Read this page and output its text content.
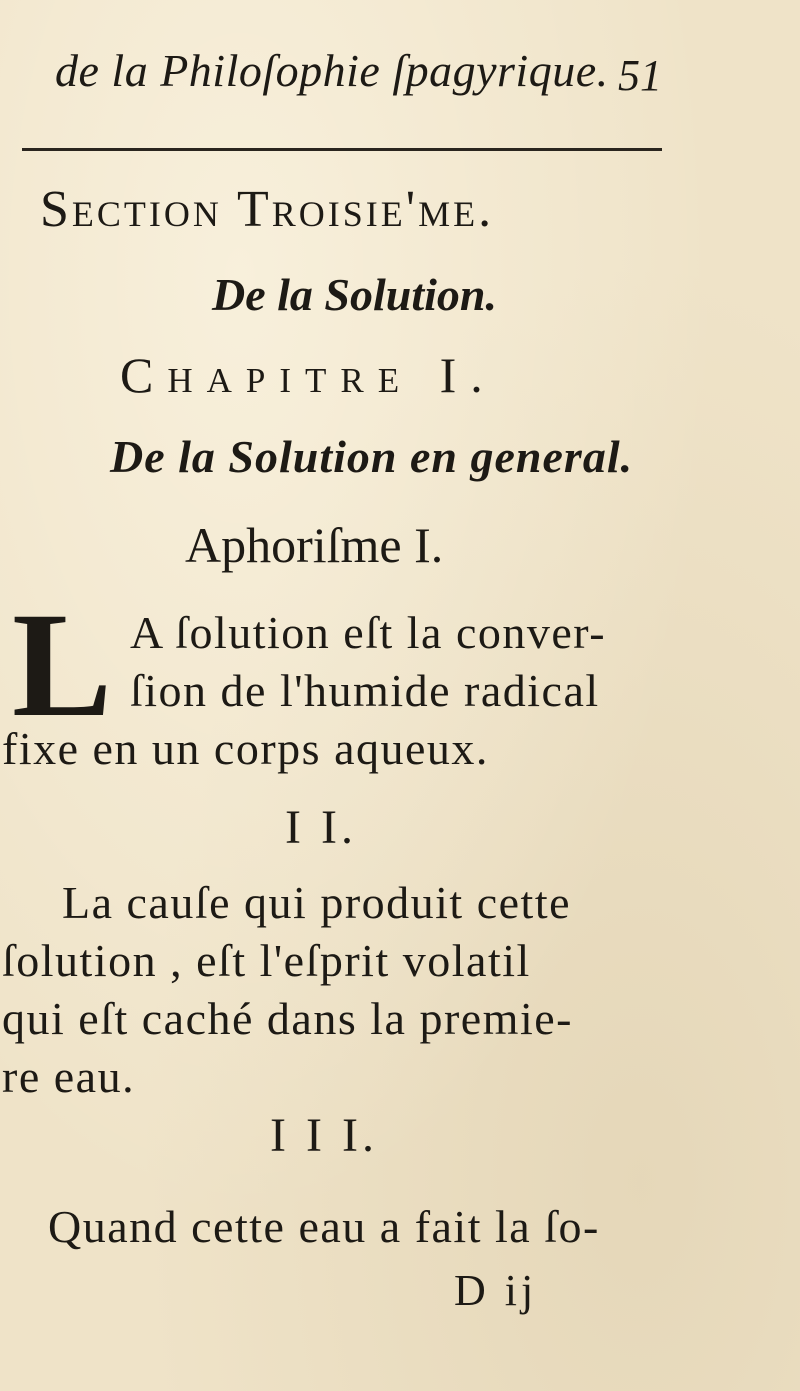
de la Philoſophie ſpagyrique. 51
Section Troisie'me.
De la Solution.
Chapitre I.
De la Solution en general.
Aphoriſme I.
L A ſolution eſt la conver-
ſion de l'humide radical
fixe en un corps aqueux.
I I.
La cauſe qui produit cette
ſolution , eſt l'eſprit volatil
qui eſt caché dans la premie-
re eau.
I I I.
Quand cette eau a fait la ſo-
D ij
